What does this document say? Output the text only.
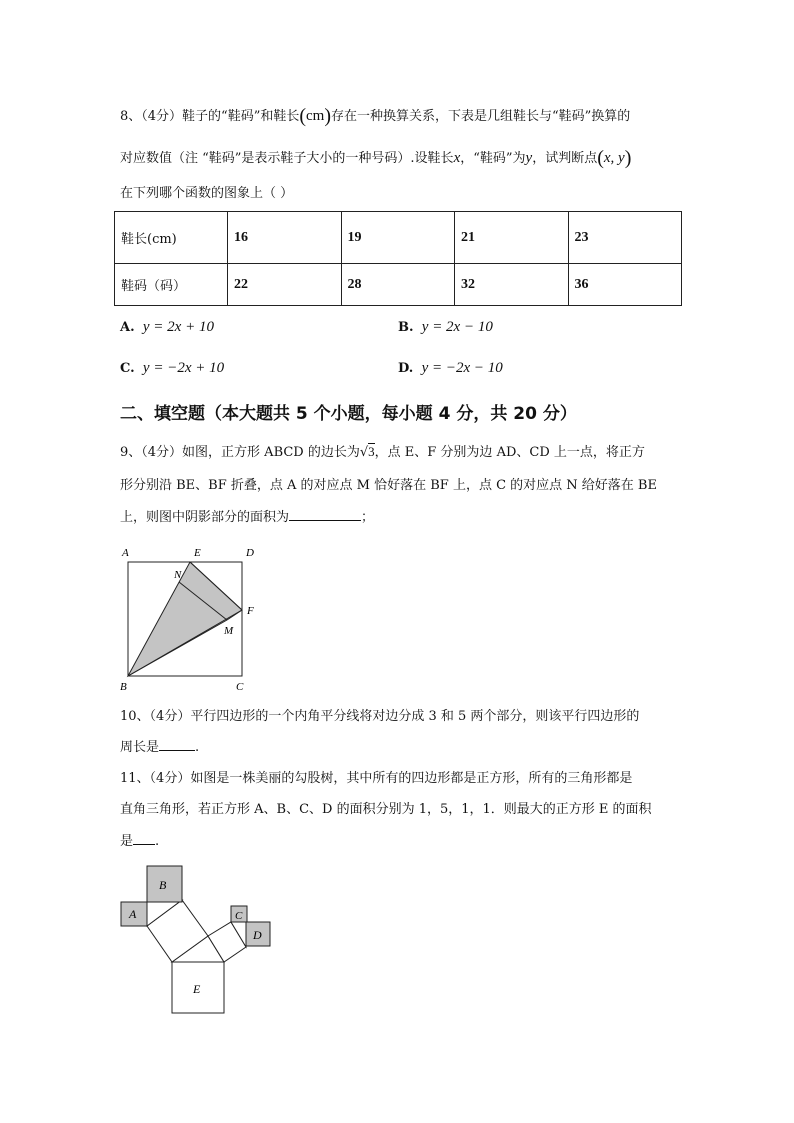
8、（4分）鞋子的“鞋码”和鞋长(cm)存在一种换算关系，下表是几组鞋长与“鞋码”换算的
对应数值（注 “鞋码”是表示鞋子大小的一种号码）.设鞋长x，“鞋码”为y，试判断点(x, y)
在下列哪个函数的图象上（ ）
鞋长(cm)	16	19	21	23
鞋码（码）	22	28	32	36
A. y = 2x + 10	B. y = 2x − 10
C. y = −2x + 10	D. y = −2x − 10
二、填空题（本大题共 5 个小题，每小题 4 分，共 20 分）
9、（4分）如图，正方形 ABCD 的边长为√3，点 E、F 分别为边 AD、CD 上一点，将正方
形分别沿 BE、BF 折叠，点 A 的对应点 M 恰好落在 BF 上，点 C 的对应点 N 给好落在 BE
上，则图中阴影部分的面积为	；
A	E	D
N
F
M
B	C
10、（4分）平行四边形的一个内角平分线将对边分成 3 和 5 两个部分，则该平行四边形的
周长是	.
11、（4分）如图是一株美丽的勾股树，其中所有的四边形都是正方形，所有的三角形都是
直角三角形，若正方形 A、B、C、D 的面积分别为 1，5，1，1．则最大的正方形 E 的面积
是 .
A
B
C
D
E
